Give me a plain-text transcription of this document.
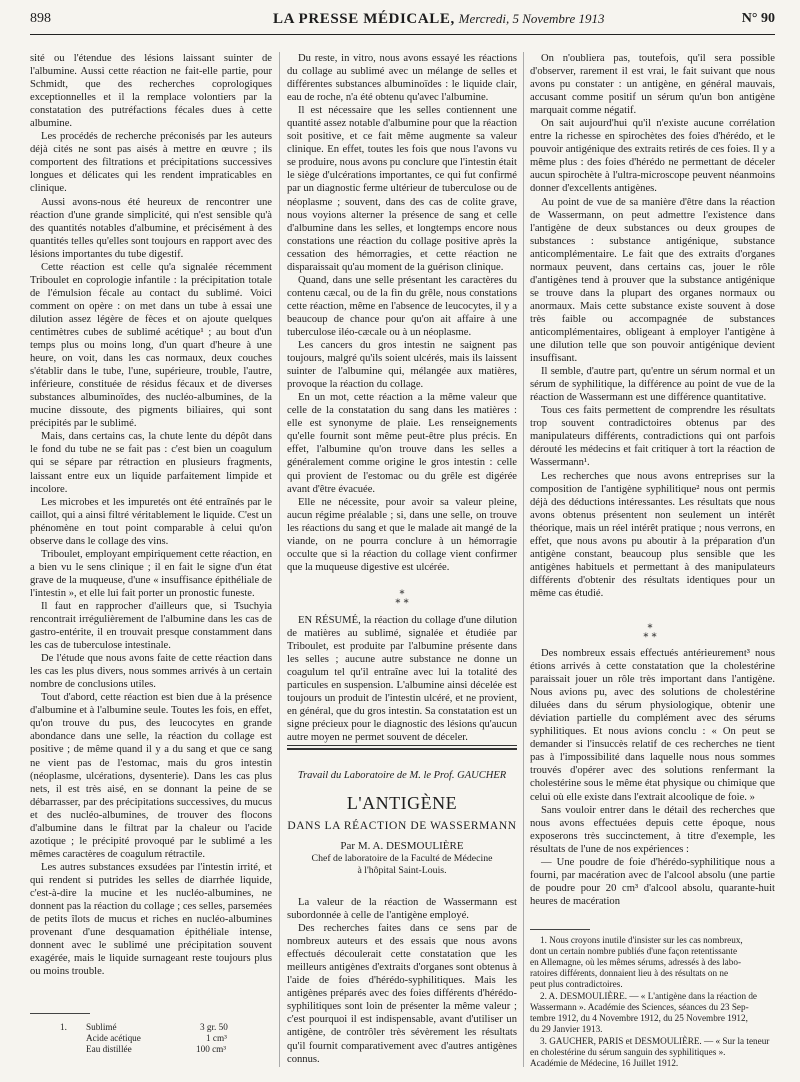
898	LA PRESSE MÉDICALE, Mercredi, 5 Novembre 1913	N° 90

sité ou l'étendue des lésions laissant suinter de l'albumine. Aussi cette réaction ne fait-elle partie, pour Schmidt, que des recherches coprologiques exceptionnelles et il la remplace volontiers par la constatation des putréfactions fécales dues à cette albumine.

Les procédés de recherche préconisés par les auteurs déjà cités ne sont pas aisés à mettre en œuvre ; ils comportent des filtrations et précipitations successives longues et délicates qui les rendent impraticables en clinique.

Aussi avons-nous été heureux de rencontrer une réaction d'une grande simplicité, qui n'est sensible qu'à des quantités notables d'albumine, et précisément à des quantités telles qu'elles sont toujours en rapport avec des lésions importantes du tube digestif.

Cette réaction est celle qu'a signalée récemment Triboulet en coprologie infantile : la précipitation totale de l'émulsion fécale au contact du sublimé. Voici comment on opère : on met dans un tube à essai une dilution assez légère de fèces et on ajoute quelques centimètres cubes de sublimé acétique¹ ; au bout d'un temps plus ou moins long, d'un quart d'heure à une heure, on voit, dans les cas normaux, deux couches s'établir dans le tube, l'une, supérieure, trouble, l'autre, inférieure, constituée de résidus fécaux et de diverses substances albuminoïdes, des nucléo-albumines, de la mucine dissoute, des pigments biliaires, qui sont précipités par le sublimé.

Mais, dans certains cas, la chute lente du dépôt dans le fond du tube ne se fait pas : c'est bien un coagulum qui se sépare par rétraction en plusieurs fragments, laissant entre eux un liquide parfaitement limpide et incolore.

Les microbes et les impuretés ont été entraînés par le caillot, qui a ainsi filtré véritablement le liquide. C'est un phénomène en tout point comparable à celui qu'on observe dans le collage des vins.

Triboulet, employant empiriquement cette réaction, en a bien vu le sens clinique ; il en fait le signe d'un état grave de la muqueuse, d'une « insuffisance épithéliale de l'intestin », et elle lui fait porter un pronostic funeste.

Il faut en rapprocher d'ailleurs que, si Tsuchyia rencontrait irrégulièrement de l'albumine dans les cas de gastro-entérite, il en trouvait presque constamment dans les cas de tuberculose intestinale.

De l'étude que nous avons faite de cette réaction dans les cas les plus divers, nous sommes arrivés à un certain nombre de conclusions utiles.

Tout d'abord, cette réaction est bien due à la présence d'albumine et à l'albumine seule. Toutes les fois, en effet, qu'on trouve du pus, des leucocytes en grande abondance dans une selle, la réaction du collage est positive ; de même quand il y a du sang et que ce sang ne vient pas de l'estomac, mais du gros intestin (néoplasme, ulcérations, dysenterie). Dans les cas plus nets, il est très aisé, en se donnant la peine de se débarrasser, par des précipitations successives, du mucus et des nucléo-albumines, de trouver des flocons d'albumine dans le filtrat par la chaleur ou l'acide azotique ; le précipité provoqué par le sublimé a les mêmes caractères de coagulum rétractile.

Les autres substances exsudées par l'intestin irrité, et qui rendent si putrides les selles de diarrhée liquide, c'est-à-dire la mucine et les nucléo-albumines, ne donnent pas la réaction du collage ; ces selles, parsemées de petits îlots de mucus et riches en nucléo-albumines provenant d'une desquamation épithéliale intense, donnent avec le sublimé une précipitation souvent exagérée, mais le liquide surnageant reste toujours plus ou moins trouble.

1. Sublimé	3 gr. 50
Acide acétique	1 cm³
Eau distillée	100 cm³

Du reste, in vitro, nous avons essayé les réactions du collage au sublimé avec un mélange de selles et différentes substances albuminoïdes : le liquide clair, eau de roche, n'a été obtenu qu'avec l'albumine.

Il est nécessaire que les selles contiennent une quantité assez notable d'albumine pour que la réaction soit positive, et ce fait même augmente sa valeur clinique. En effet, toutes les fois que nous l'avons vu se produire, nous avons pu conclure que l'intestin était le siège d'ulcérations importantes, ce qui fut confirmé par un diagnostic ferme ultérieur de tuberculose ou de néoplasme ; souvent, dans des cas de colite grave, nous voyions alterner la présence de sang et celle d'albumine dans les selles, et longtemps encore nous constations une réaction du collage positive après la cessation des hémorragies, et cette réaction ne disparaissait qu'au moment de la guérison clinique.

Quand, dans une selle présentant les caractères du contenu cæcal, ou de la fin du grêle, nous constations cette réaction, même en l'absence de leucocytes, il y a beaucoup de chance pour qu'on ait affaire à une tuberculose iléo-cæcale ou à un néoplasme.

Les cancers du gros intestin ne saignent pas toujours, malgré qu'ils soient ulcérés, mais ils laissent suinter de l'albumine qui, mélangée aux matières, provoque la réaction du collage.

En un mot, cette réaction a la même valeur que celle de la constatation du sang dans les matières : elle est synonyme de plaie. Les renseignements qu'elle fournit sont même peut-être plus précis. En effet, l'albumine qu'on trouve dans les selles a généralement comme origine le gros intestin : celle qui provient de l'estomac ou du grêle est digérée avant d'être évacuée.

Elle ne nécessite, pour avoir sa valeur pleine, aucun régime préalable ; si, dans une selle, on trouve les réactions du sang et que le malade ait mangé de la viande, on ne pourra conclure à un hémorragie occulte que si la réaction du collage vient confirmer que la muqueuse digestive est ulcérée.

*
* *

EN RÉSUMÉ, la réaction du collage d'une dilution de matières au sublimé, signalée et étudiée par Triboulet, est produite par l'albumine présente dans les selles ; aucune autre substance ne donne un coagulum tel qu'il entraîne avec lui la totalité des particules en suspension. L'albumine ainsi décelée est toujours un produit de l'intestin ulcéré, et ne provient, en général, que du gros intestin. Sa constatation est un signe précieux pour le diagnostic des lésions qu'aucun autre moyen ne permet souvent de déceler.

Travail du Laboratoire de M. le Prof. GAUCHER
L'ANTIGÈNE
DANS LA RÉACTION DE WASSERMANN
Par M. A. DESMOULIÈRE
Chef de laboratoire de la Faculté de Médecine
à l'hôpital Saint-Louis.

La valeur de la réaction de Wassermann est subordonnée à celle de l'antigène employé.

Des recherches faites dans ce sens par de nombreux auteurs et des essais que nous avons effectués découlerait cette constatation que les meilleurs antigènes d'extraits d'organes sont obtenus à l'aide de foies d'hérédo-syphilitiques. Mais les antigènes préparés avec des foies différents d'hérédo-syphilitiques sont loin de présenter la même valeur ; c'est pourquoi il est indispensable, avant d'utiliser un antigène, de contrôler très sévèrement les résultats qu'il fournit comparativement avec d'autres antigènes connus.

On n'oubliera pas, toutefois, qu'il sera possible d'observer, rarement il est vrai, le fait suivant que nous avons pu constater : un antigène, en général mauvais, accusant comme positif un sérum qu'un bon antigène marquait comme négatif.

On sait aujourd'hui qu'il n'existe aucune corrélation entre la richesse en spirochètes des foies d'hérédo, et le pouvoir antigénique des extraits retirés de ces foies. Il y a même plus : des foies d'hérédo ne permettant de déceler aucun spirochète à l'ultra-microscope peuvent néanmoins donner d'excellents antigènes.

Au point de vue de sa manière d'être dans la réaction de Wassermann, on peut admettre l'existence dans l'antigène de deux substances ou deux groupes de substances : substance antigénique, substance anticomplémentaire. Le fait que des extraits d'organes normaux peuvent, dans certains cas, jouer le rôle d'antigènes tend à prouver que la substance antigénique se trouve dans la plupart des organes normaux ou anormaux. Mais cette substance existe souvent à dose très faible ou accompagnée de substances anticomplémentaires, obligeant à employer l'antigène à une dilution telle que son pouvoir antigénique devient insuffisant.

Il semble, d'autre part, qu'entre un sérum normal et un sérum de syphilitique, la différence au point de vue de la réaction de Wassermann est une différence quantitative.

Tous ces faits permettent de comprendre les résultats trop souvent contradictoires obtenus par des manipulateurs différents, contradictions qui ont parfois dérouté les médecins et fait critiquer à tort la réaction de Wassermann¹.

Les recherches que nous avons entreprises sur la composition de l'antigène syphilitique² nous ont permis déjà des déductions intéressantes. Les résultats que nous avons obtenus présentent non seulement un intérêt théorique, mais un réel intérêt pratique ; nous verrons, en effet, que nous avons pu aboutir à la préparation d'un antigène constant, beaucoup plus sensible que les antigènes habituels et permettant à des manipulateurs différents d'obtenir des résultats identiques pour un même cas étudié.

*
* *

Des nombreux essais effectués antérieurement³ nous étions arrivés à cette constatation que la cholestérine paraissait jouer un rôle très important dans l'antigène. Nous avions pu, avec des solutions de cholestérine diluées dans du sérum physiologique, obtenir une déviation partielle du complément avec des sérums syphilitiques. Et nous avions conclu : « On peut se demander si l'insuccès relatif de ces recherches ne tient pas à l'impossibilité dans laquelle nous nous sommes trouvés d'opérer avec des solutions renfermant la cholestérine sous le même état physique ou chimique que celui où elle existe dans l'extrait alcoolique de foie. »

Sans vouloir entrer dans le détail des recherches que nous avons effectuées depuis cette époque, nous exposerons très succinctement, à titre d'exemple, les résultats de l'une de nos expériences :

— Une poudre de foie d'hérédo-syphilitique nous a fourni, par macération avec de l'alcool absolu (une partie de poudre pour 20 cm³ d'alcool absolu, quarante-huit heures de macération

1. Nous croyons inutile d'insister sur les cas nombreux,
dont un certain nombre publiés d'une façon retentissante
en Allemagne, où les mêmes sérums, adressés à des labo-
ratoires différents, donnaient lieu à des résultats on ne
peut plus contradictoires.
2. A. DESMOULIÈRE. — « L'antigène dans la réaction de
Wassermann ». Académie des Sciences, séances du 23 Sep-
tembre 1912, du 4 Novembre 1912, du 25 Novembre 1912,
du 29 Janvier 1913.
3. GAUCHER, PARIS et DESMOULIÈRE. — « Sur la teneur
en cholestérine du sérum sanguin des syphilitiques ».
Académie de Médecine, 16 Juillet 1912.
